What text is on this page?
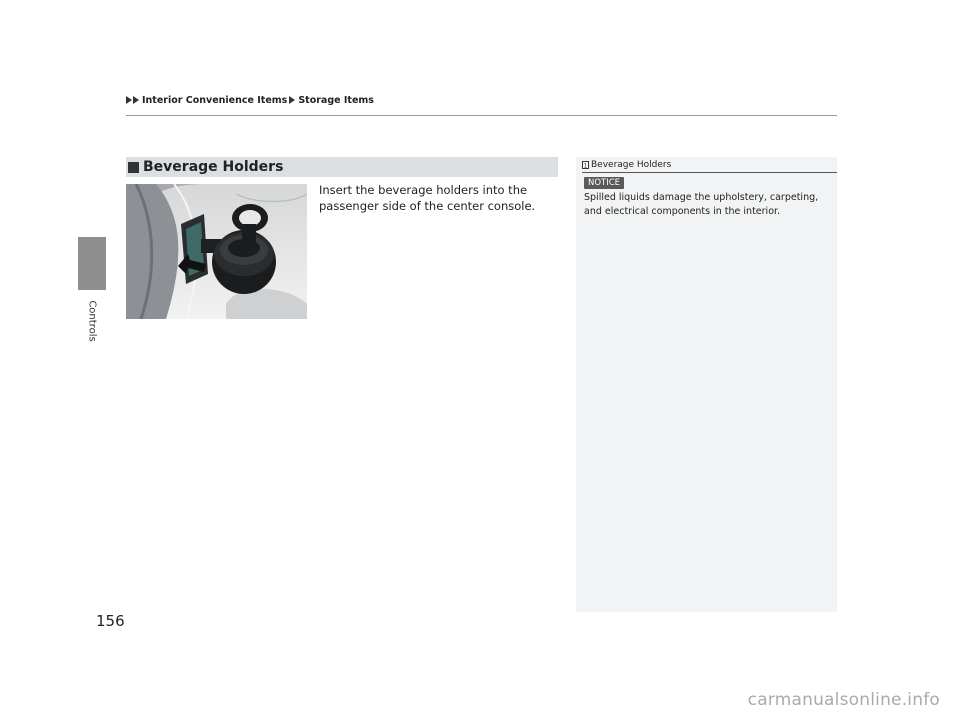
Interior Convenience Items Storage Items
Controls
Beverage Holders

Insert the beverage holders into the passenger side of the center console.

1 Beverage Holders
NOTICE

Spilled liquids damage the upholstery, carpeting, and electrical components in the interior.

156
carmanualsonline.info
